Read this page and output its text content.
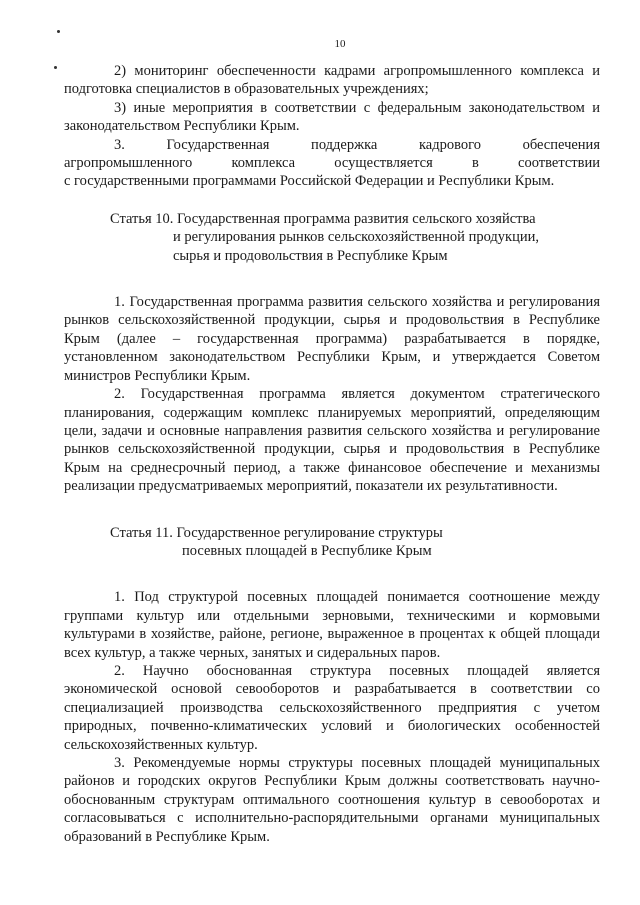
10

2) мониторинг обеспеченности кадрами агропромышленного комплекса и подготовка специалистов в образовательных учреждениях;

3) иные мероприятия в соответствии с федеральным законодательством и законодательством Республики Крым.

3. Государственная поддержка кадрового обеспечения

агропромышленного комплекса осуществляется в соответствии

с государственными программами Российской Федерации и Республики Крым.

Статья 10. Государственная программа развития сельского хозяйства
и регулирования рынков сельскохозяйственной продукции,
сырья и продовольствия в Республике Крым

1. Государственная программа развития сельского хозяйства и регулирования рынков сельскохозяйственной продукции, сырья и продовольствия в Республике Крым (далее – государственная программа) разрабатывается в порядке, установленном законодательством Республики Крым, и утверждается Советом министров Республики Крым.

2. Государственная программа является документом стратегического планирования, содержащим комплекс планируемых мероприятий, определяющим цели, задачи и основные направления развития сельского хозяйства и регулирование рынков сельскохозяйственной продукции, сырья и продовольствия в Республике Крым на среднесрочный период, а также финансовое обеспечение и механизмы реализации предусматриваемых мероприятий, показатели их результативности.

Статья 11. Государственное регулирование структуры
посевных площадей в Республике Крым

1. Под структурой посевных площадей понимается соотношение между группами культур или отдельными зерновыми, техническими и кормовыми культурами в хозяйстве, районе, регионе, выраженное в процентах к общей площади всех культур, а также черных, занятых и сидеральных паров.

2. Научно обоснованная структура посевных площадей является экономической основой севооборотов и разрабатывается в соответствии со специализацией производства сельскохозяйственного предприятия с учетом природных, почвенно-климатических условий и биологических особенностей сельскохозяйственных культур.

3. Рекомендуемые нормы структуры посевных площадей муниципальных районов и городских округов Республики Крым должны соответствовать научно-обоснованным структурам оптимального соотношения культур в севооборотах и согласовываться с исполнительно-распорядительными органами муниципальных образований в Республике Крым.
